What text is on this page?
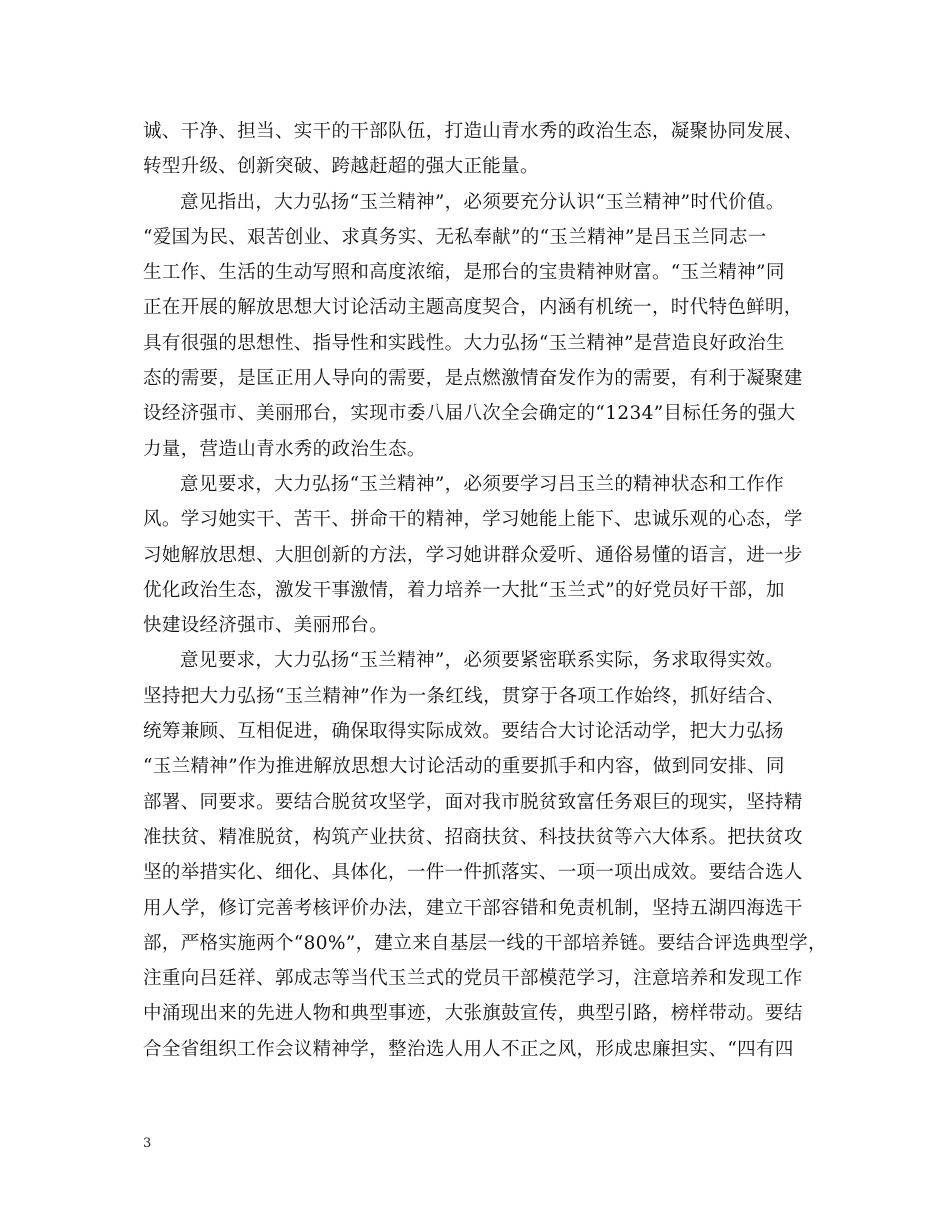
诚、干净、担当、实干的干部队伍，打造山青水秀的政治生态，凝聚协同发展、
转型升级、创新突破、跨越赶超的强大正能量。
意见指出，大力弘扬“玉兰精神”，必须要充分认识“玉兰精神”时代价值。
“爱国为民、艰苦创业、求真务实、无私奉献”的“玉兰精神”是吕玉兰同志一
生工作、生活的生动写照和高度浓缩，是邢台的宝贵精神财富。“玉兰精神”同
正在开展的解放思想大讨论活动主题高度契合，内涵有机统一，时代特色鲜明，
具有很强的思想性、指导性和实践性。大力弘扬“玉兰精神”是营造良好政治生
态的需要，是匡正用人导向的需要，是点燃激情奋发作为的需要，有利于凝聚建
设经济强市、美丽邢台，实现市委八届八次全会确定的“1234”目标任务的强大
力量，营造山青水秀的政治生态。
意见要求，大力弘扬“玉兰精神”，必须要学习吕玉兰的精神状态和工作作
风。学习她实干、苦干、拼命干的精神，学习她能上能下、忠诚乐观的心态，学
习她解放思想、大胆创新的方法，学习她讲群众爱听、通俗易懂的语言，进一步
优化政治生态，激发干事激情，着力培养一大批“玉兰式”的好党员好干部，加
快建设经济强市、美丽邢台。
意见要求，大力弘扬“玉兰精神”，必须要紧密联系实际，务求取得实效。
坚持把大力弘扬“玉兰精神”作为一条红线，贯穿于各项工作始终，抓好结合、
统筹兼顾、互相促进，确保取得实际成效。要结合大讨论活动学，把大力弘扬
“玉兰精神”作为推进解放思想大讨论活动的重要抓手和内容，做到同安排、同
部署、同要求。要结合脱贫攻坚学，面对我市脱贫致富任务艰巨的现实，坚持精
准扶贫、精准脱贫，构筑产业扶贫、招商扶贫、科技扶贫等六大体系。把扶贫攻
坚的举措实化、细化、具体化，一件一件抓落实、一项一项出成效。要结合选人
用人学，修订完善考核评价办法，建立干部容错和免责机制，坚持五湖四海选干
部，严格实施两个“80%”，建立来自基层一线的干部培养链。要结合评选典型学，
注重向吕廷祥、郭成志等当代玉兰式的党员干部模范学习，注意培养和发现工作
中涌现出来的先进人物和典型事迹，大张旗鼓宣传，典型引路，榜样带动。要结
合全省组织工作会议精神学，整治选人用人不正之风，形成忠廉担实、“四有四
3
